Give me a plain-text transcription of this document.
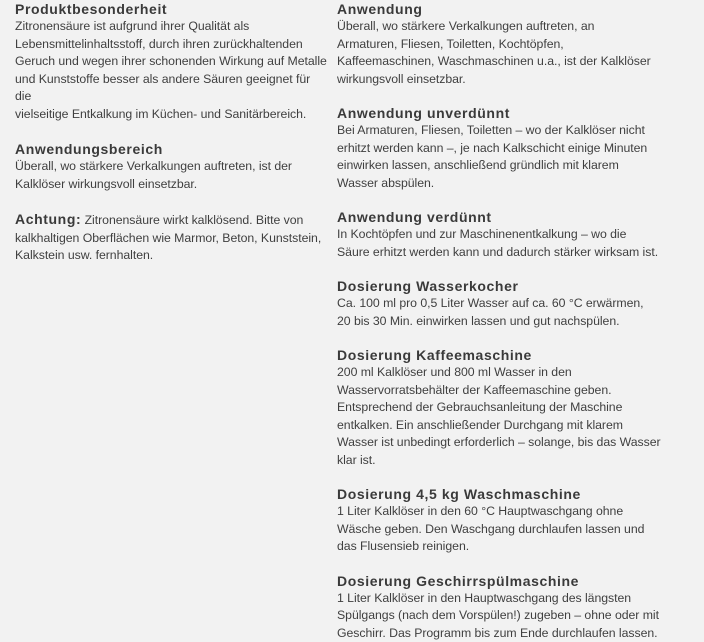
Produktbesonderheit

Zitronensäure ist aufgrund ihrer Qualität als

Lebensmittelinhaltsstoff, durch ihren zurückhaltenden

Geruch und wegen ihrer schonenden Wirkung auf Metalle

und Kunststoffe besser als andere Säuren geeignet für die

vielseitige Entkalkung im Küchen- und Sanitärbereich.

Anwendungsbereich

Überall, wo stärkere Verkalkungen auftreten, ist der

Kalklöser wirkungsvoll einsetzbar.

Achtung: Zitronensäure wirkt kalklösend. Bitte von

kalkhaltigen Oberflächen wie Marmor, Beton, Kunststein,

Kalkstein usw. fernhalten.

Anwendung

Überall, wo stärkere Verkalkungen auftreten, an

Armaturen, Fliesen, Toiletten, Kochtöpfen,

Kaffeemaschinen, Waschmaschinen u.a., ist der Kalklöser

wirkungsvoll einsetzbar.

Anwendung unverdünnt

Bei Armaturen, Fliesen, Toiletten – wo der Kalklöser nicht

erhitzt werden kann –, je nach Kalkschicht einige Minuten

einwirken lassen, anschließend gründlich mit klarem

Wasser abspülen.

Anwendung verdünnt

In Kochtöpfen und zur Maschinenentkalkung – wo die

Säure erhitzt werden kann und dadurch stärker wirksam ist.

Dosierung Wasserkocher

Ca. 100 ml pro 0,5 Liter Wasser auf ca. 60 °C erwärmen,

20 bis 30 Min. einwirken lassen und gut nachspülen.

Dosierung Kaffeemaschine

200 ml Kalklöser und 800 ml Wasser in den

Wasservorratsbehälter der Kaffeemaschine geben.

Entsprechend der Gebrauchsanleitung der Maschine

entkalken. Ein anschließender Durchgang mit klarem

Wasser ist unbedingt erforderlich – solange, bis das Wasser

klar ist.

Dosierung 4,5 kg Waschmaschine

1 Liter Kalklöser in den 60 °C Hauptwaschgang ohne

Wäsche geben. Den Waschgang durchlaufen lassen und

das Flusensieb reinigen.

Dosierung Geschirrspülmaschine

1 Liter Kalklöser in den Hauptwaschgang des längsten

Spülgangs (nach dem Vorspülen!) zugeben – ohne oder mit

Geschirr. Das Programm bis zum Ende durchlaufen lassen.
